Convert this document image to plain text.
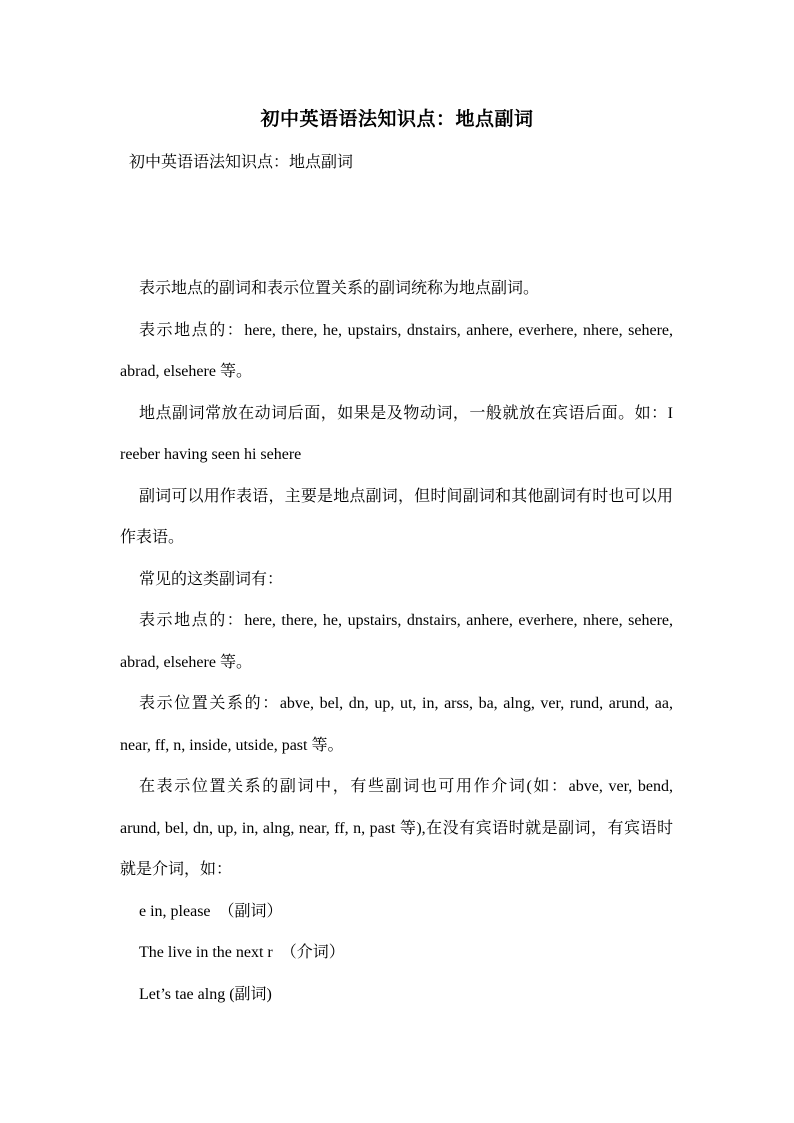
初中英语语法知识点：地点副词
初中英语语法知识点：地点副词

表示地点的副词和表示位置关系的副词统称为地点副词。

表示地点的：here, there, he, upstairs, dnstairs, anhere, everhere, nhere, sehere, abrad, elsehere 等。

地点副词常放在动词后面，如果是及物动词，一般就放在宾语后面。如：I reeber having seen hi sehere

副词可以用作表语，主要是地点副词，但时间副词和其他副词有时也可以用作表语。

常见的这类副词有：

表示地点的：here, there, he, upstairs, dnstairs, anhere, everhere, nhere, sehere, abrad, elsehere 等。

表示位置关系的：abve, bel, dn, up, ut, in, arss, ba, alng, ver, rund, arund, aa, near, ff, n, inside, utside, past 等。

在表示位置关系的副词中，有些副词也可用作介词(如：abve, ver, bend, arund, bel, dn, up, in, alng, near, ff, n, past 等),在没有宾语时就是副词，有宾语时就是介词，如：

e in, please　（副词）

The live in the next r　（介词）

Let’s tae alng (副词)
